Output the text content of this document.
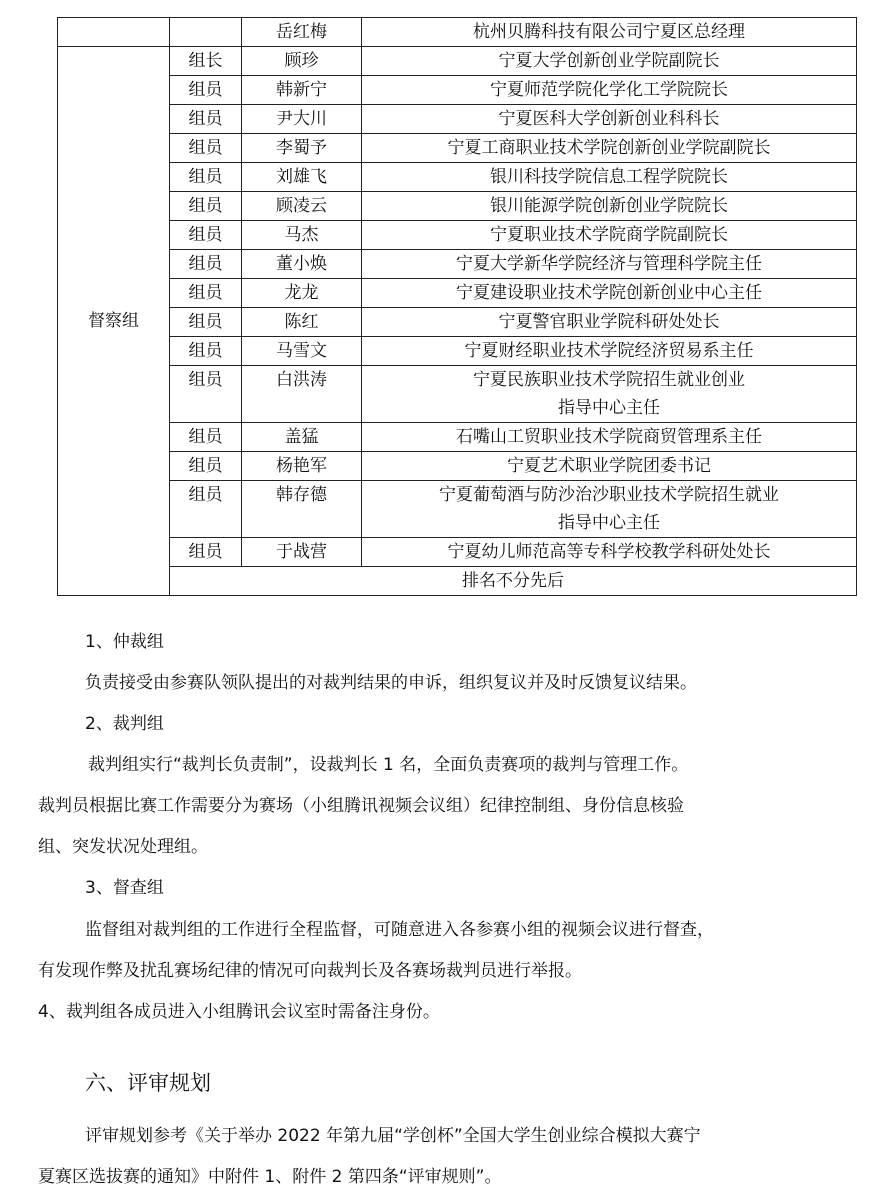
		岳红梅	杭州贝腾科技有限公司宁夏区总经理
督察组	组长	顾珍	宁夏大学创新创业学院副院长

	组员	韩新宁	宁夏师范学院化学化工学院院长

	组员	尹大川	宁夏医科大学创新创业科科长

	组员	李蜀予	宁夏工商职业技术学院创新创业学院副院长

	组员	刘雄飞	银川科技学院信息工程学院院长

	组员	顾凌云	银川能源学院创新创业学院院长

	组员	马杰	宁夏职业技术学院商学院副院长

	组员	董小焕	宁夏大学新华学院经济与管理科学院主任

	组员	龙龙	宁夏建设职业技术学院创新创业中心主任

	组员	陈红	宁夏警官职业学院科研处处长

	组员	马雪文	宁夏财经职业技术学院经济贸易系主任

	组员	白洪涛	宁夏民族职业技术学院招生就业创业
指导中心主任

	组员	盖猛	石嘴山工贸职业技术学院商贸管理系主任

	组员	杨艳军	宁夏艺术职业学院团委书记

	组员	韩存德	宁夏葡萄酒与防沙治沙职业技术学院招生就业
指导中心主任

	组员	于战营	宁夏幼儿师范高等专科学校教学科研处处长

	排名不分先后		
1、仲裁组
负责接受由参赛队领队提出的对裁判结果的申诉，组织复议并及时反馈复议结果。
2、裁判组
裁判组实行“裁判长负责制”，设裁判长 1 名，全面负责赛项的裁判与管理工作。
裁判员根据比赛工作需要分为赛场（小组腾讯视频会议组）纪律控制组、身份信息核验
组、突发状况处理组。
3、督查组
监督组对裁判组的工作进行全程监督，可随意进入各参赛小组的视频会议进行督查，
有发现作弊及扰乱赛场纪律的情况可向裁判长及各赛场裁判员进行举报。
4、裁判组各成员进入小组腾讯会议室时需备注身份。
六、评审规划
评审规划参考《关于举办 2022 年第九届“学创杯”全国大学生创业综合模拟大赛宁
夏赛区选拔赛的通知》中附件 1、附件 2 第四条“评审规则”。
